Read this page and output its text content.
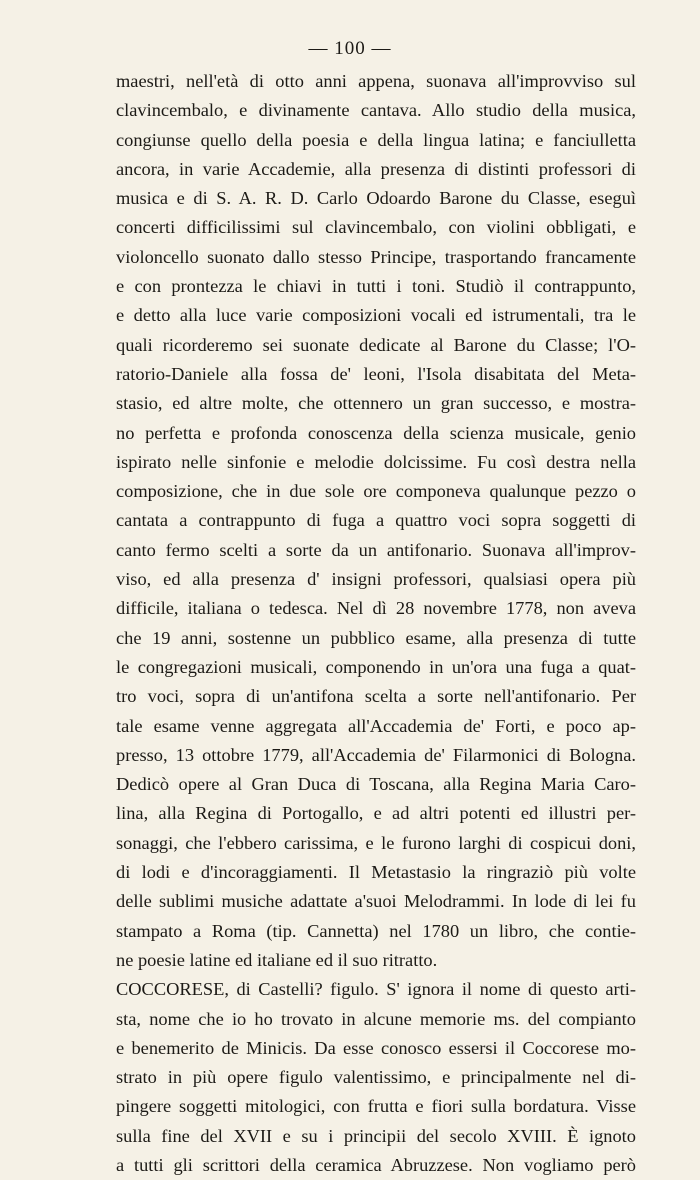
— 100 —
maestri, nell'età di otto anni appena, suonava all'improvviso sul
clavincembalo, e divinamente cantava. Allo studio della musica,
congiunse quello della poesia e della lingua latina; e fanciulletta
ancora, in varie Accademie, alla presenza di distinti professori di
musica e di S. A. R. D. Carlo Odoardo Barone du Classe, eseguì
concerti difficilissimi sul clavincembalo, con violini obbligati, e
violoncello suonato dallo stesso Principe, trasportando francamente
e con prontezza le chiavi in tutti i toni. Studiò il contrappunto,
e detto alla luce varie composizioni vocali ed istrumentali, tra le
quali ricorderemo sei suonate dedicate al Barone du Classe; l'O-
ratorio-Daniele alla fossa de' leoni, l'Isola disabitata del Meta-
stasio, ed altre molte, che ottennero un gran successo, e mostra-
no perfetta e profonda conoscenza della scienza musicale, genio
ispirato nelle sinfonie e melodie dolcissime. Fu così destra nella
composizione, che in due sole ore componeva qualunque pezzo o
cantata a contrappunto di fuga a quattro voci sopra soggetti di
canto fermo scelti a sorte da un antifonario. Suonava all'improv-
viso, ed alla presenza d' insigni professori, qualsiasi opera più
difficile, italiana o tedesca. Nel dì 28 novembre 1778, non aveva
che 19 anni, sostenne un pubblico esame, alla presenza di tutte
le congregazioni musicali, componendo in un'ora una fuga a quat-
tro voci, sopra di un'antifona scelta a sorte nell'antifonario. Per
tale esame venne aggregata all'Accademia de' Forti, e poco ap-
presso, 13 ottobre 1779, all'Accademia de' Filarmonici di Bologna.
Dedicò opere al Gran Duca di Toscana, alla Regina Maria Caro-
lina, alla Regina di Portogallo, e ad altri potenti ed illustri per-
sonaggi, che l'ebbero carissima, e le furono larghi di cospicui doni,
di lodi e d'incoraggiamenti. Il Metastasio la ringraziò più volte
delle sublimi musiche adattate a'suoi Melodrammi. In lode di lei fu
stampato a Roma (tip. Cannetta) nel 1780 un libro, che contie-
ne poesie latine ed italiane ed il suo ritratto.
COCCORESE, di Castelli? figulo. S' ignora il nome di questo arti-
sta, nome che io ho trovato in alcune memorie ms. del compianto
e benemerito de Minicis. Da esse conosco essersi il Coccorese mo-
strato in più opere figulo valentissimo, e principalmente nel di-
pingere soggetti mitologici, con frutta e fiori sulla bordatura. Visse
sulla fine del XVII e su i principii del secolo XVIII. È ignoto
a tutti gli scrittori della ceramica Abruzzese. Non vogliamo però
